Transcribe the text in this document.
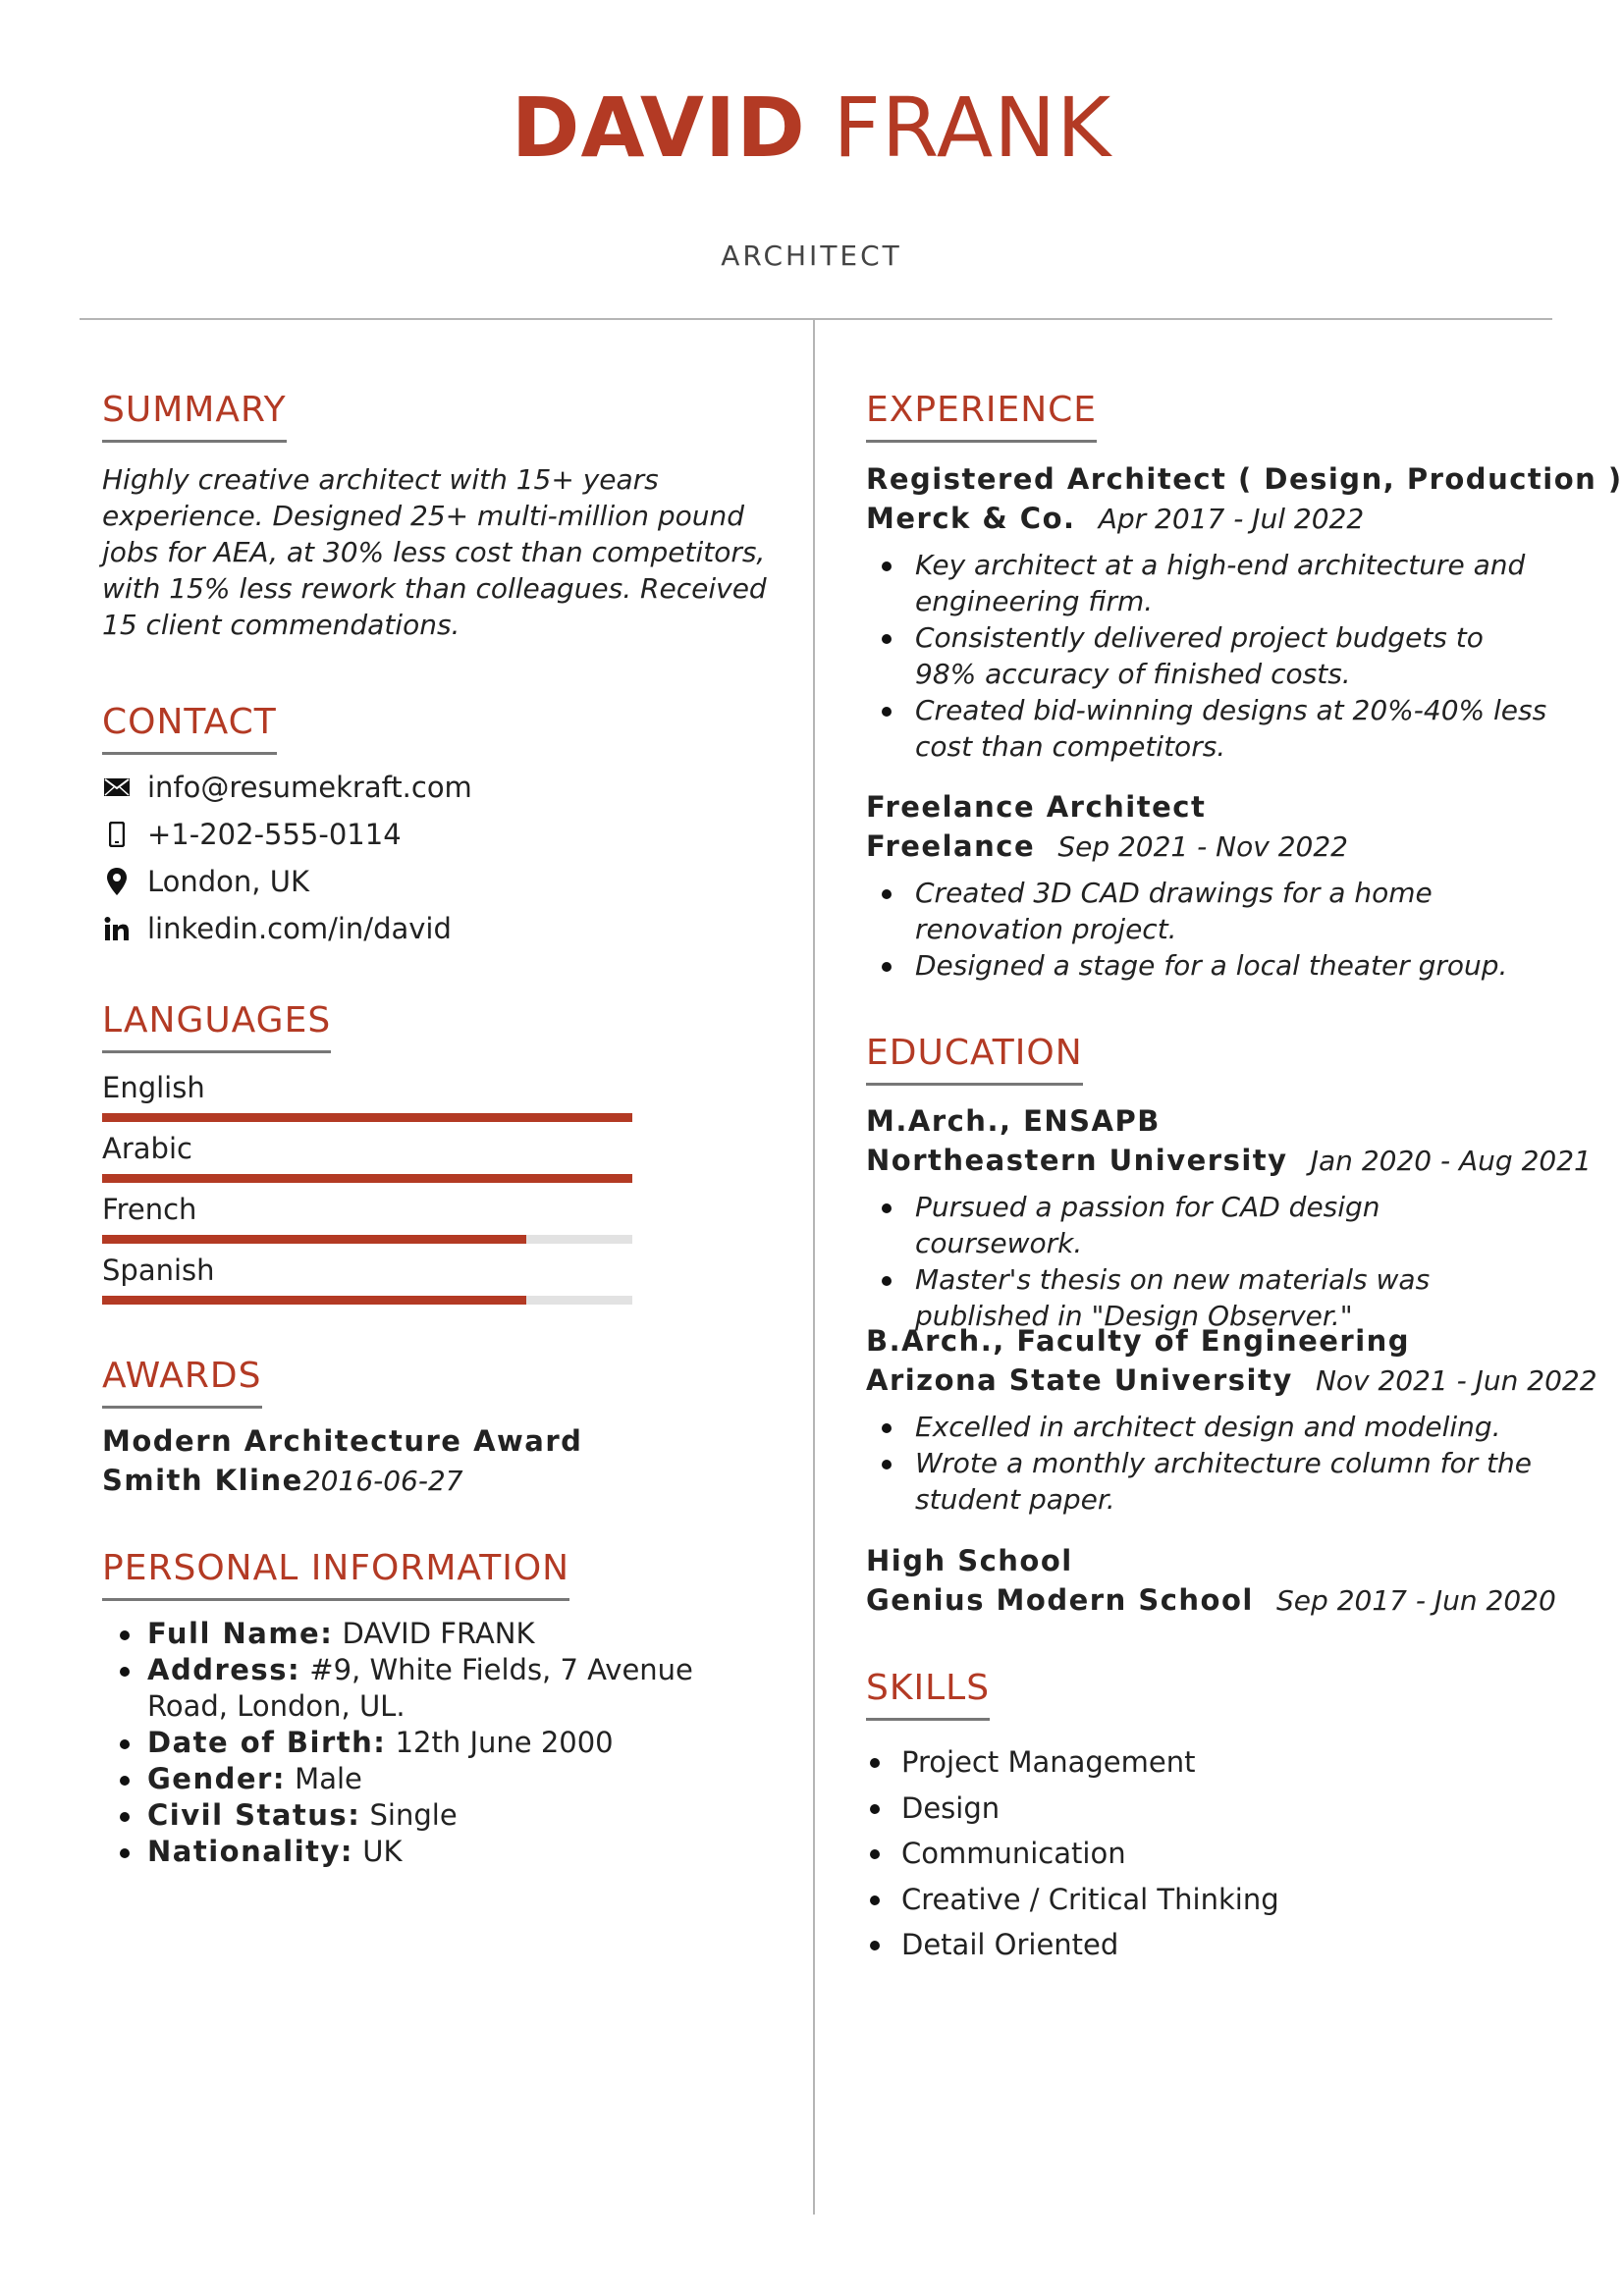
DAVID FRANK
ARCHITECT
SUMMARY
Highly creative architect with 15+ years experience. Designed 25+ multi-million pound jobs for AEA, at 30% less cost than competitors, with 15% less rework than colleagues. Received 15 client commendations.
CONTACT
info@resumekraft.com
+1-202-555-0114
London, UK
linkedin.com/in/david
LANGUAGES
English
Arabic
French
Spanish
AWARDS
Modern Architecture Award
Smith Kline2016-06-27
PERSONAL INFORMATION
Full Name: DAVID FRANK
Address: #9, White Fields, 7 Avenue Road, London, UL.
Date of Birth: 12th June 2000
Gender: Male
Civil Status: Single
Nationality: UK
EXPERIENCE
Registered Architect ( Design, Production )
Merck & Co. Apr 2017 - Jul 2022
Key architect at a high-end architecture and engineering firm.
Consistently delivered project budgets to 98% accuracy of finished costs.
Created bid-winning designs at 20%-40% less cost than competitors.
Freelance Architect
Freelance Sep 2021 - Nov 2022
Created 3D CAD drawings for a home renovation project.
Designed a stage for a local theater group.
EDUCATION
M.Arch., ENSAPB
Northeastern University Jan 2020 - Aug 2021
Pursued a passion for CAD design coursework.
Master's thesis on new materials was published in "Design Observer."
B.Arch., Faculty of Engineering
Arizona State University Nov 2021 - Jun 2022
Excelled in architect design and modeling.
Wrote a monthly architecture column for the student paper.
High School
Genius Modern School Sep 2017 - Jun 2020
SKILLS
Project Management
Design
Communication
Creative / Critical Thinking
Detail Oriented
